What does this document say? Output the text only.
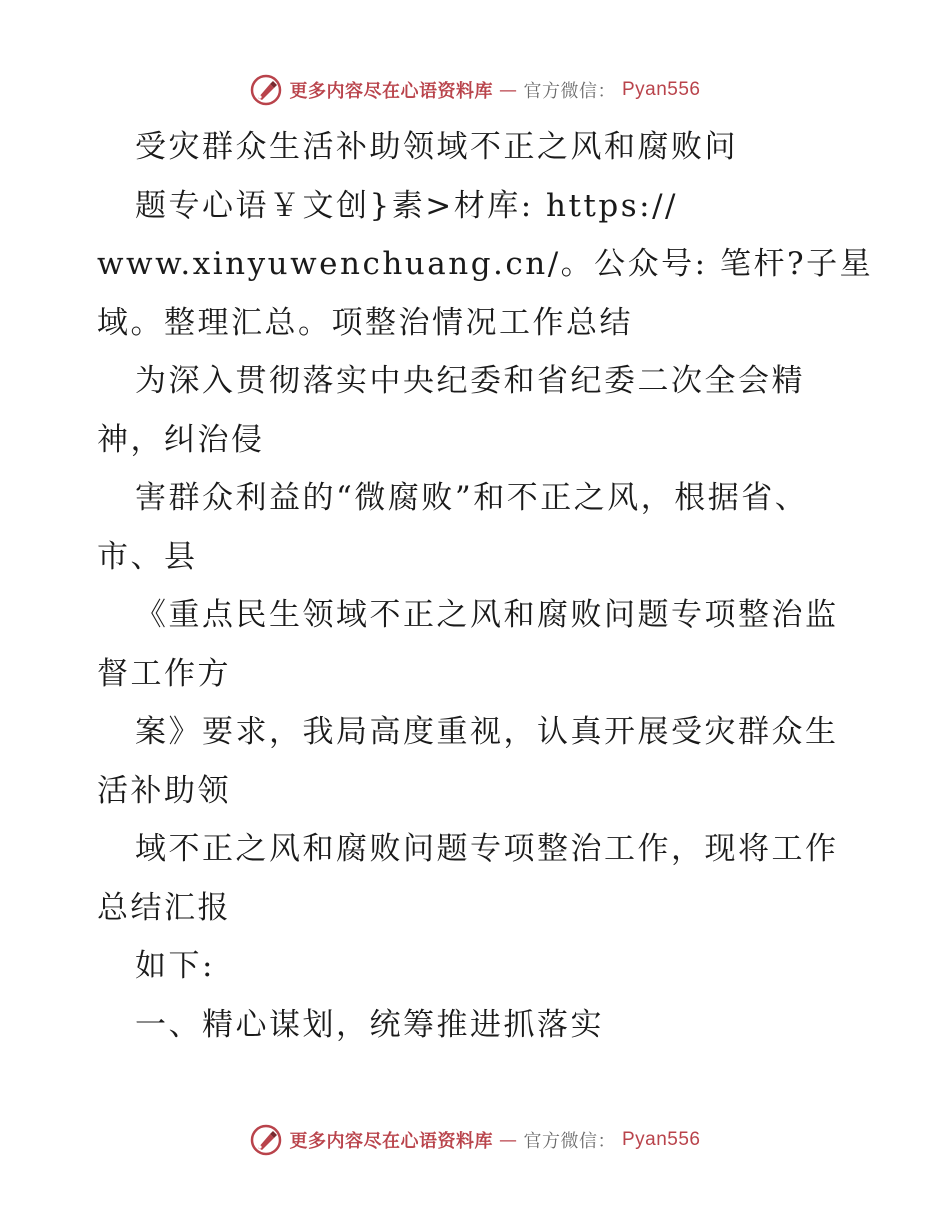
更多内容尽在心语资料库 — 官方微信： Pyan556
受灾群众生活补助领域不正之风和腐败问
题专心语￥文创}素>材库: https://
www.xinyuwenchuang.cn/。公众号: 笔杆?子星
域。整理汇总。项整治情况工作总结
为深入贯彻落实中央纪委和省纪委二次全会精
神，纠治侵
害群众利益的“微腐败”和不正之风，根据省、
市、县
《重点民生领域不正之风和腐败问题专项整治监
督工作方
案》要求，我局高度重视，认真开展受灾群众生
活补助领
域不正之风和腐败问题专项整治工作，现将工作
总结汇报
如下:
一、精心谋划，统筹推进抓落实
更多内容尽在心语资料库 — 官方微信： Pyan556
